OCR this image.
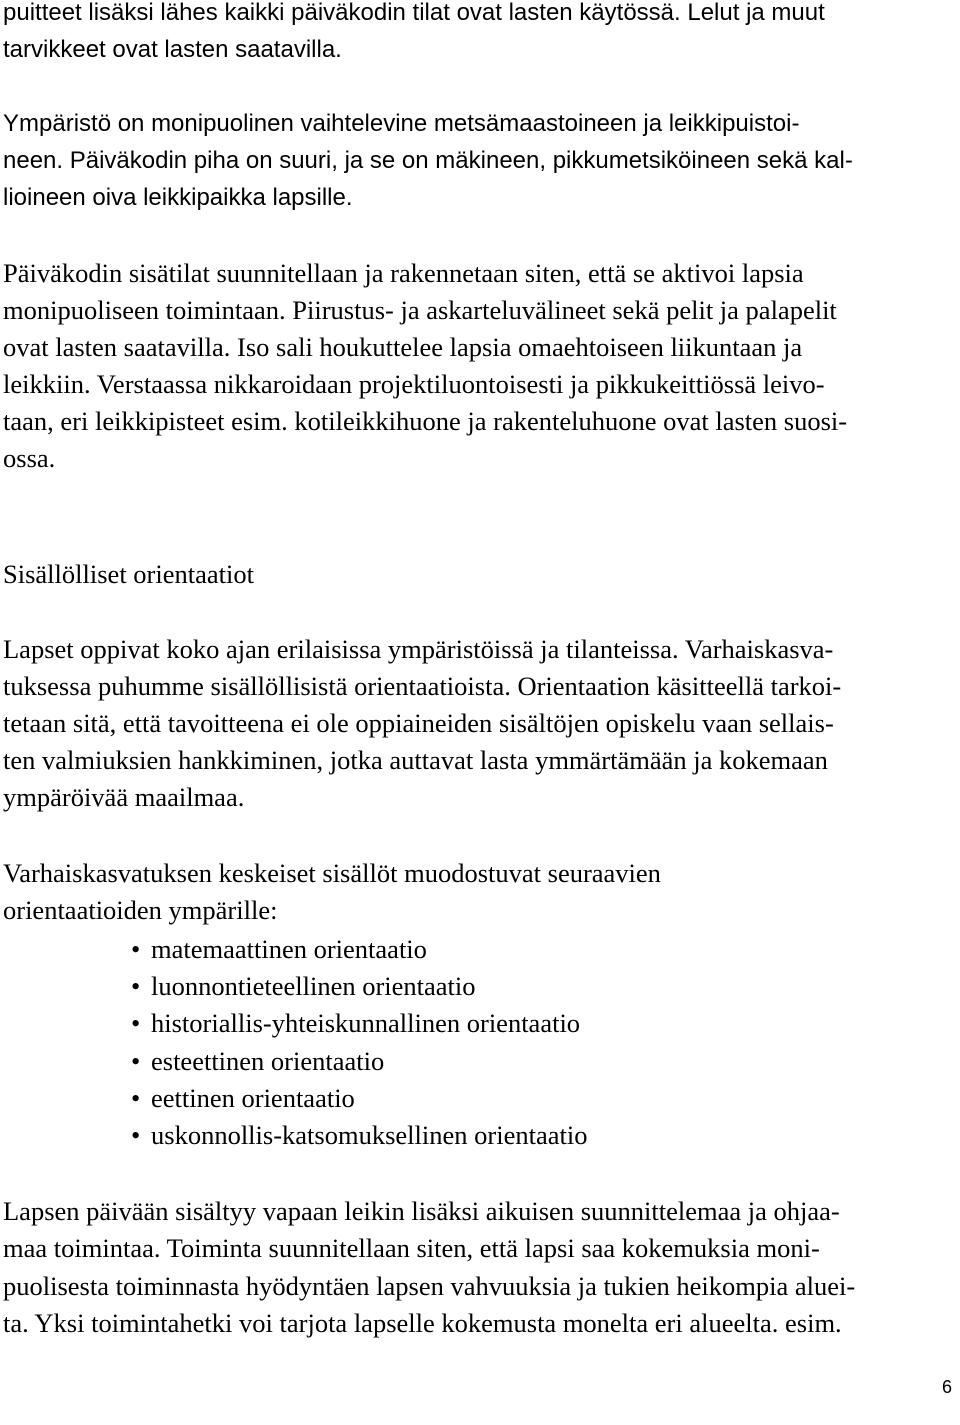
puitteet lisäksi lähes kaikki päiväkodin tilat ovat lasten käytössä. Lelut ja muut
tarvikkeet ovat lasten saatavilla.
Ympäristö on monipuolinen vaihtelevine metsämaastoineen ja leikkipuistoi-
neen. Päiväkodin piha on suuri, ja se on mäkineen, pikkumetsiköineen sekä kal-
lioineen oiva leikkipaikka lapsille.
Päiväkodin sisätilat suunnitellaan ja rakennetaan siten, että se aktivoi lapsia
monipuoliseen toimintaan. Piirustus- ja askarteluvälineet sekä pelit ja palapelit
ovat lasten saatavilla. Iso sali houkuttelee lapsia omaehtoiseen liikuntaan ja
leikkiin. Verstaassa nikkaroidaan projektiluontoisesti ja pikkukeittiössä leivo-
taan, eri leikkipisteet esim. kotileikkihuone ja rakenteluhuone ovat lasten suosi-
ossa.
Sisällölliset orientaatiot
Lapset oppivat koko ajan erilaisissa ympäristöissä ja tilanteissa. Varhaiskasva-
tuksessa puhumme sisällöllisistä orientaatioista. Orientaation käsitteellä tarkoi-
tetaan sitä, että tavoitteena ei ole oppiaineiden sisältöjen opiskelu vaan sellais-
ten valmiuksien hankkiminen, jotka auttavat lasta ymmärtämään ja kokemaan
ympäröivää maailmaa.
Varhaiskasvatuksen keskeiset sisällöt muodostuvat seuraavien
orientaatioiden ympärille:
• matemaattinen orientaatio
• luonnontieteellinen orientaatio
• historiallis-yhteiskunnallinen orientaatio
• esteettinen orientaatio
• eettinen orientaatio
• uskonnollis-katsomuksellinen orientaatio
Lapsen päivään sisältyy vapaan leikin lisäksi aikuisen suunnittelemaa ja ohjaa-
maa toimintaa. Toiminta suunnitellaan siten, että lapsi saa kokemuksia moni-
puolisesta toiminnasta hyödyntäen lapsen vahvuuksia ja tukien heikompia aluei-
ta. Yksi toimintahetki voi tarjota lapselle kokemusta monelta eri alueelta. esim.
6
